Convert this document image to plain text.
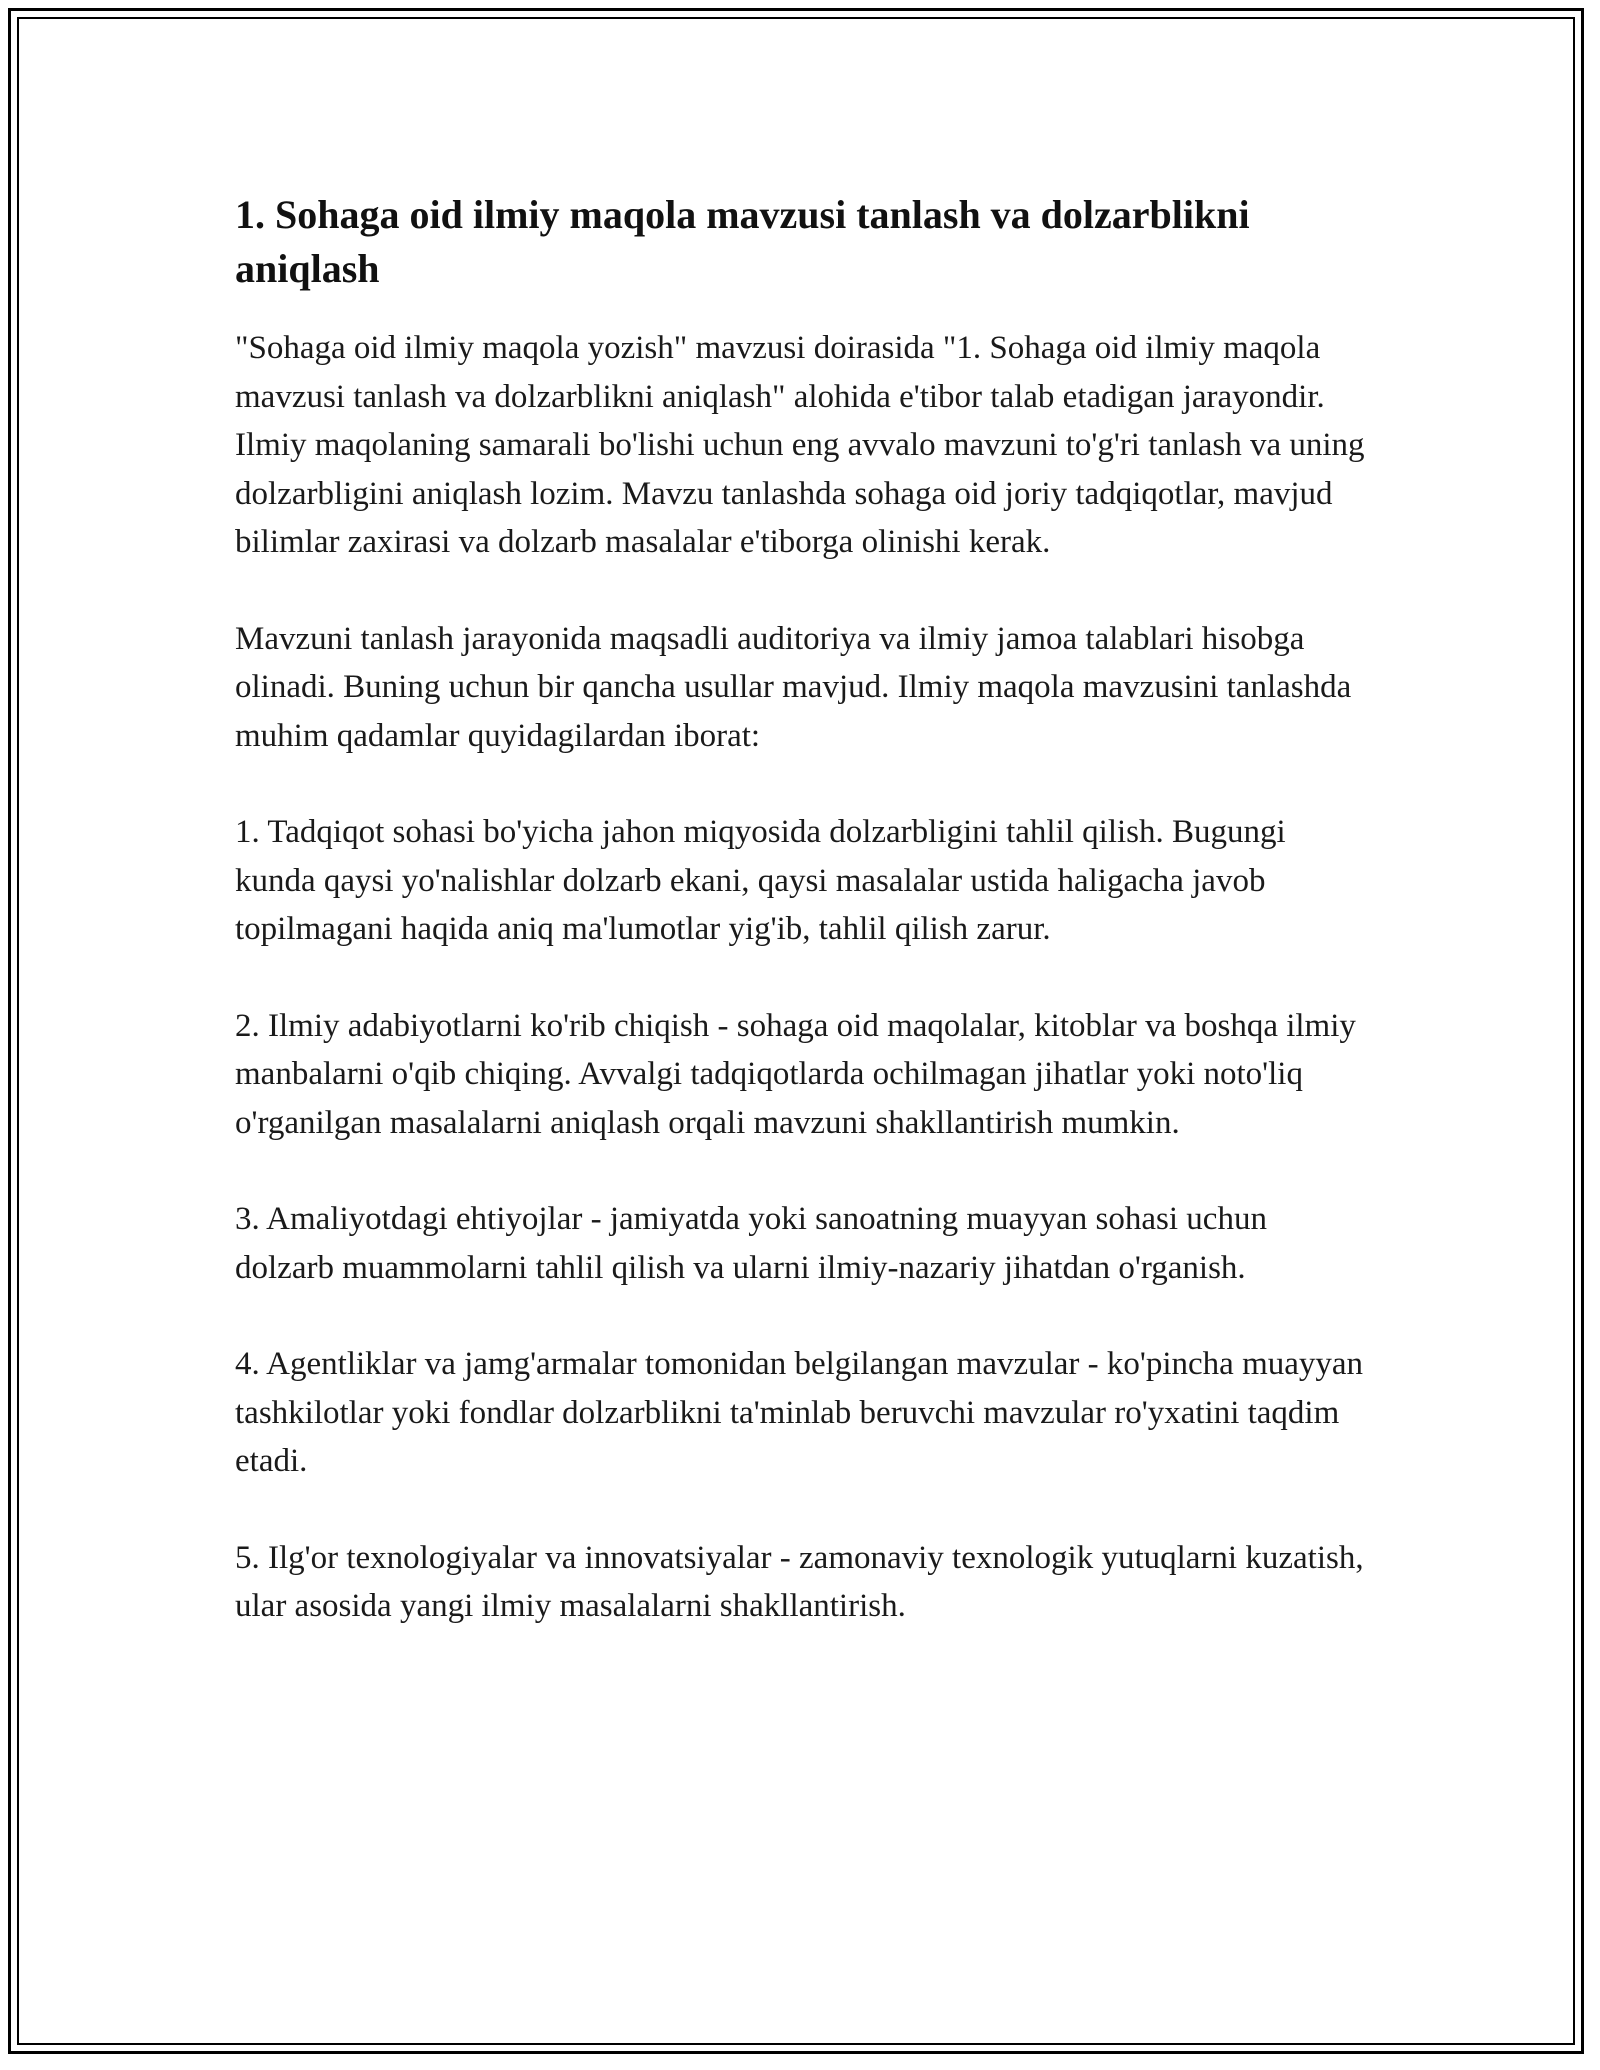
1. Sohaga oid ilmiy maqola mavzusi tanlash va dolzarblikni aniqlash

"Sohaga oid ilmiy maqola yozish" mavzusi doirasida "1. Sohaga oid ilmiy maqola mavzusi tanlash va dolzarblikni aniqlash" alohida e'tibor talab etadigan jarayondir. Ilmiy maqolaning samarali bo'lishi uchun eng avvalo mavzuni to'g'ri tanlash va uning dolzarbligini aniqlash lozim. Mavzu tanlashda sohaga oid joriy tadqiqotlar, mavjud bilimlar zaxirasi va dolzarb masalalar e'tiborga olinishi kerak.

Mavzuni tanlash jarayonida maqsadli auditoriya va ilmiy jamoa talablari hisobga olinadi. Buning uchun bir qancha usullar mavjud. Ilmiy maqola mavzusini tanlashda muhim qadamlar quyidagilardan iborat:

1. Tadqiqot sohasi bo'yicha jahon miqyosida dolzarbligini tahlil qilish. Bugungi kunda qaysi yo'nalishlar dolzarb ekani, qaysi masalalar ustida haligacha javob topilmagani haqida aniq ma'lumotlar yig'ib, tahlil qilish zarur.

2. Ilmiy adabiyotlarni ko'rib chiqish - sohaga oid maqolalar, kitoblar va boshqa ilmiy manbalarni o'qib chiqing. Avvalgi tadqiqotlarda ochilmagan jihatlar yoki noto'liq o'rganilgan masalalarni aniqlash orqali mavzuni shakllantirish mumkin.

3. Amaliyotdagi ehtiyojlar - jamiyatda yoki sanoatning muayyan sohasi uchun dolzarb muammolarni tahlil qilish va ularni ilmiy-nazariy jihatdan o'rganish.

4. Agentliklar va jamg'armalar tomonidan belgilangan mavzular - ko'pincha muayyan tashkilotlar yoki fondlar dolzarblikni ta'minlab beruvchi mavzular ro'yxatini taqdim etadi.

5. Ilg'or texnologiyalar va innovatsiyalar - zamonaviy texnologik yutuqlarni kuzatish, ular asosida yangi ilmiy masalalarni shakllantirish.
